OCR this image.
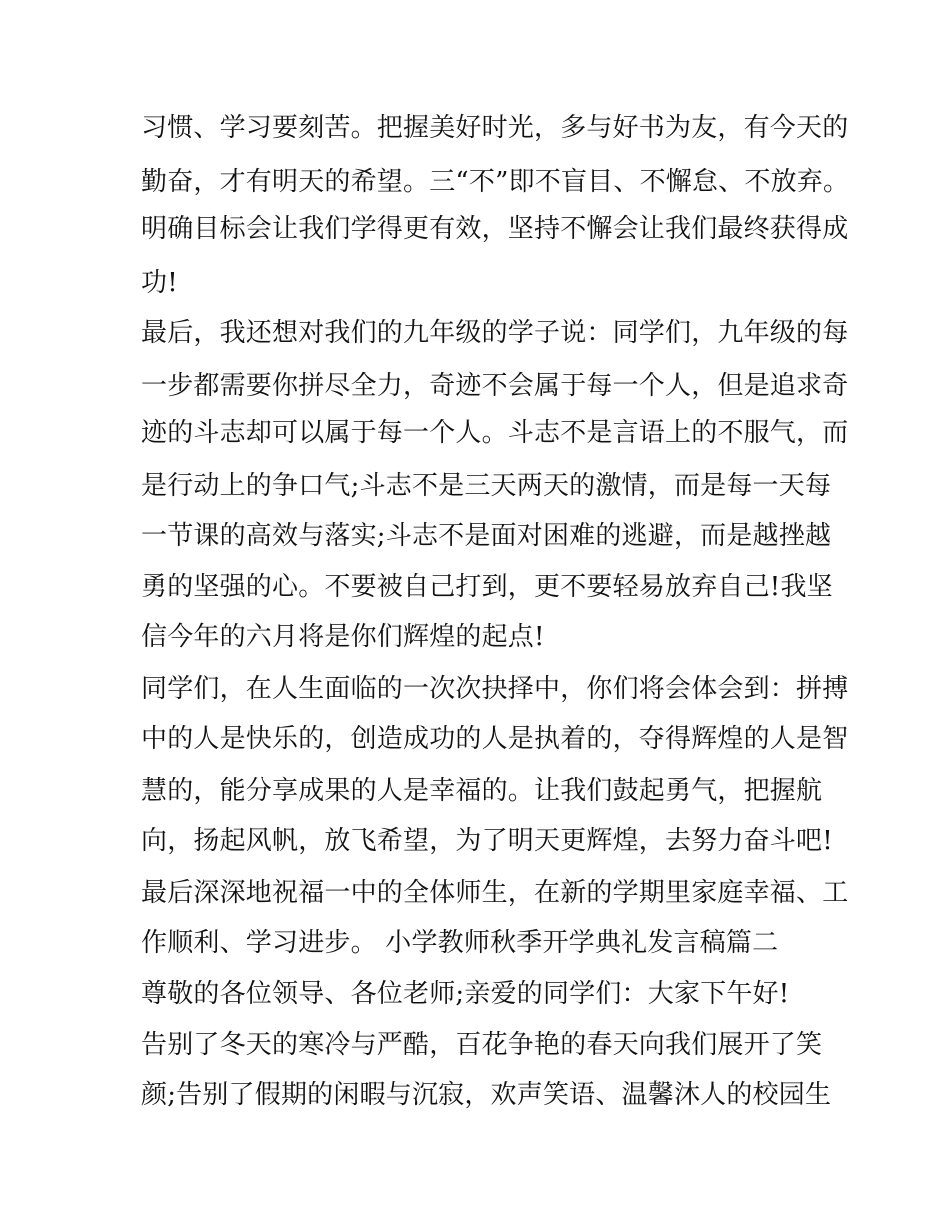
习惯、学习要刻苦。把握美好时光，多与好书为友，有今天的
勤奋，才有明天的希望。三“不”即不盲目、不懈怠、不放弃。
明确目标会让我们学得更有效，坚持不懈会让我们最终获得成
功!
最后，我还想对我们的九年级的学子说：同学们，九年级的每
一步都需要你拼尽全力，奇迹不会属于每一个人，但是追求奇
迹的斗志却可以属于每一个人。斗志不是言语上的不服气，而
是行动上的争口气;斗志不是三天两天的激情，而是每一天每
一节课的高效与落实;斗志不是面对困难的逃避，而是越挫越
勇的坚强的心。不要被自己打到，更不要轻易放弃自己!我坚
信今年的六月将是你们辉煌的起点!
同学们，在人生面临的一次次抉择中，你们将会体会到：拼搏
中的人是快乐的，创造成功的人是执着的，夺得辉煌的人是智
慧的，能分享成果的人是幸福的。让我们鼓起勇气，把握航
向，扬起风帆，放飞希望，为了明天更辉煌，去努力奋斗吧!
最后深深地祝福一中的全体师生，在新的学期里家庭幸福、工
作顺利、学习进步。 小学教师秋季开学典礼发言稿篇二
尊敬的各位领导、各位老师;亲爱的同学们：大家下午好!
告别了冬天的寒冷与严酷，百花争艳的春天向我们展开了笑
颜;告别了假期的闲暇与沉寂，欢声笑语、温馨沐人的校园生
